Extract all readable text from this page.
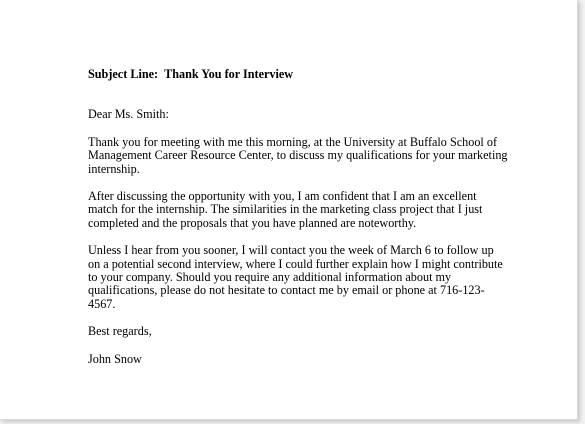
Subject Line: Thank You for Interview
Dear Ms. Smith:
Thank you for meeting with me this morning, at the University at Buffalo School of
Management Career Resource Center, to discuss my qualifications for your marketing
internship.
After discussing the opportunity with you, I am confident that I am an excellent
match for the internship. The similarities in the marketing class project that I just
completed and the proposals that you have planned are noteworthy.
Unless I hear from you sooner, I will contact you the week of March 6 to follow up
on a potential second interview, where I could further explain how I might contribute
to your company. Should you require any additional information about my
qualifications, please do not hesitate to contact me by email or phone at 716-123-
4567.
Best regards,
John Snow
